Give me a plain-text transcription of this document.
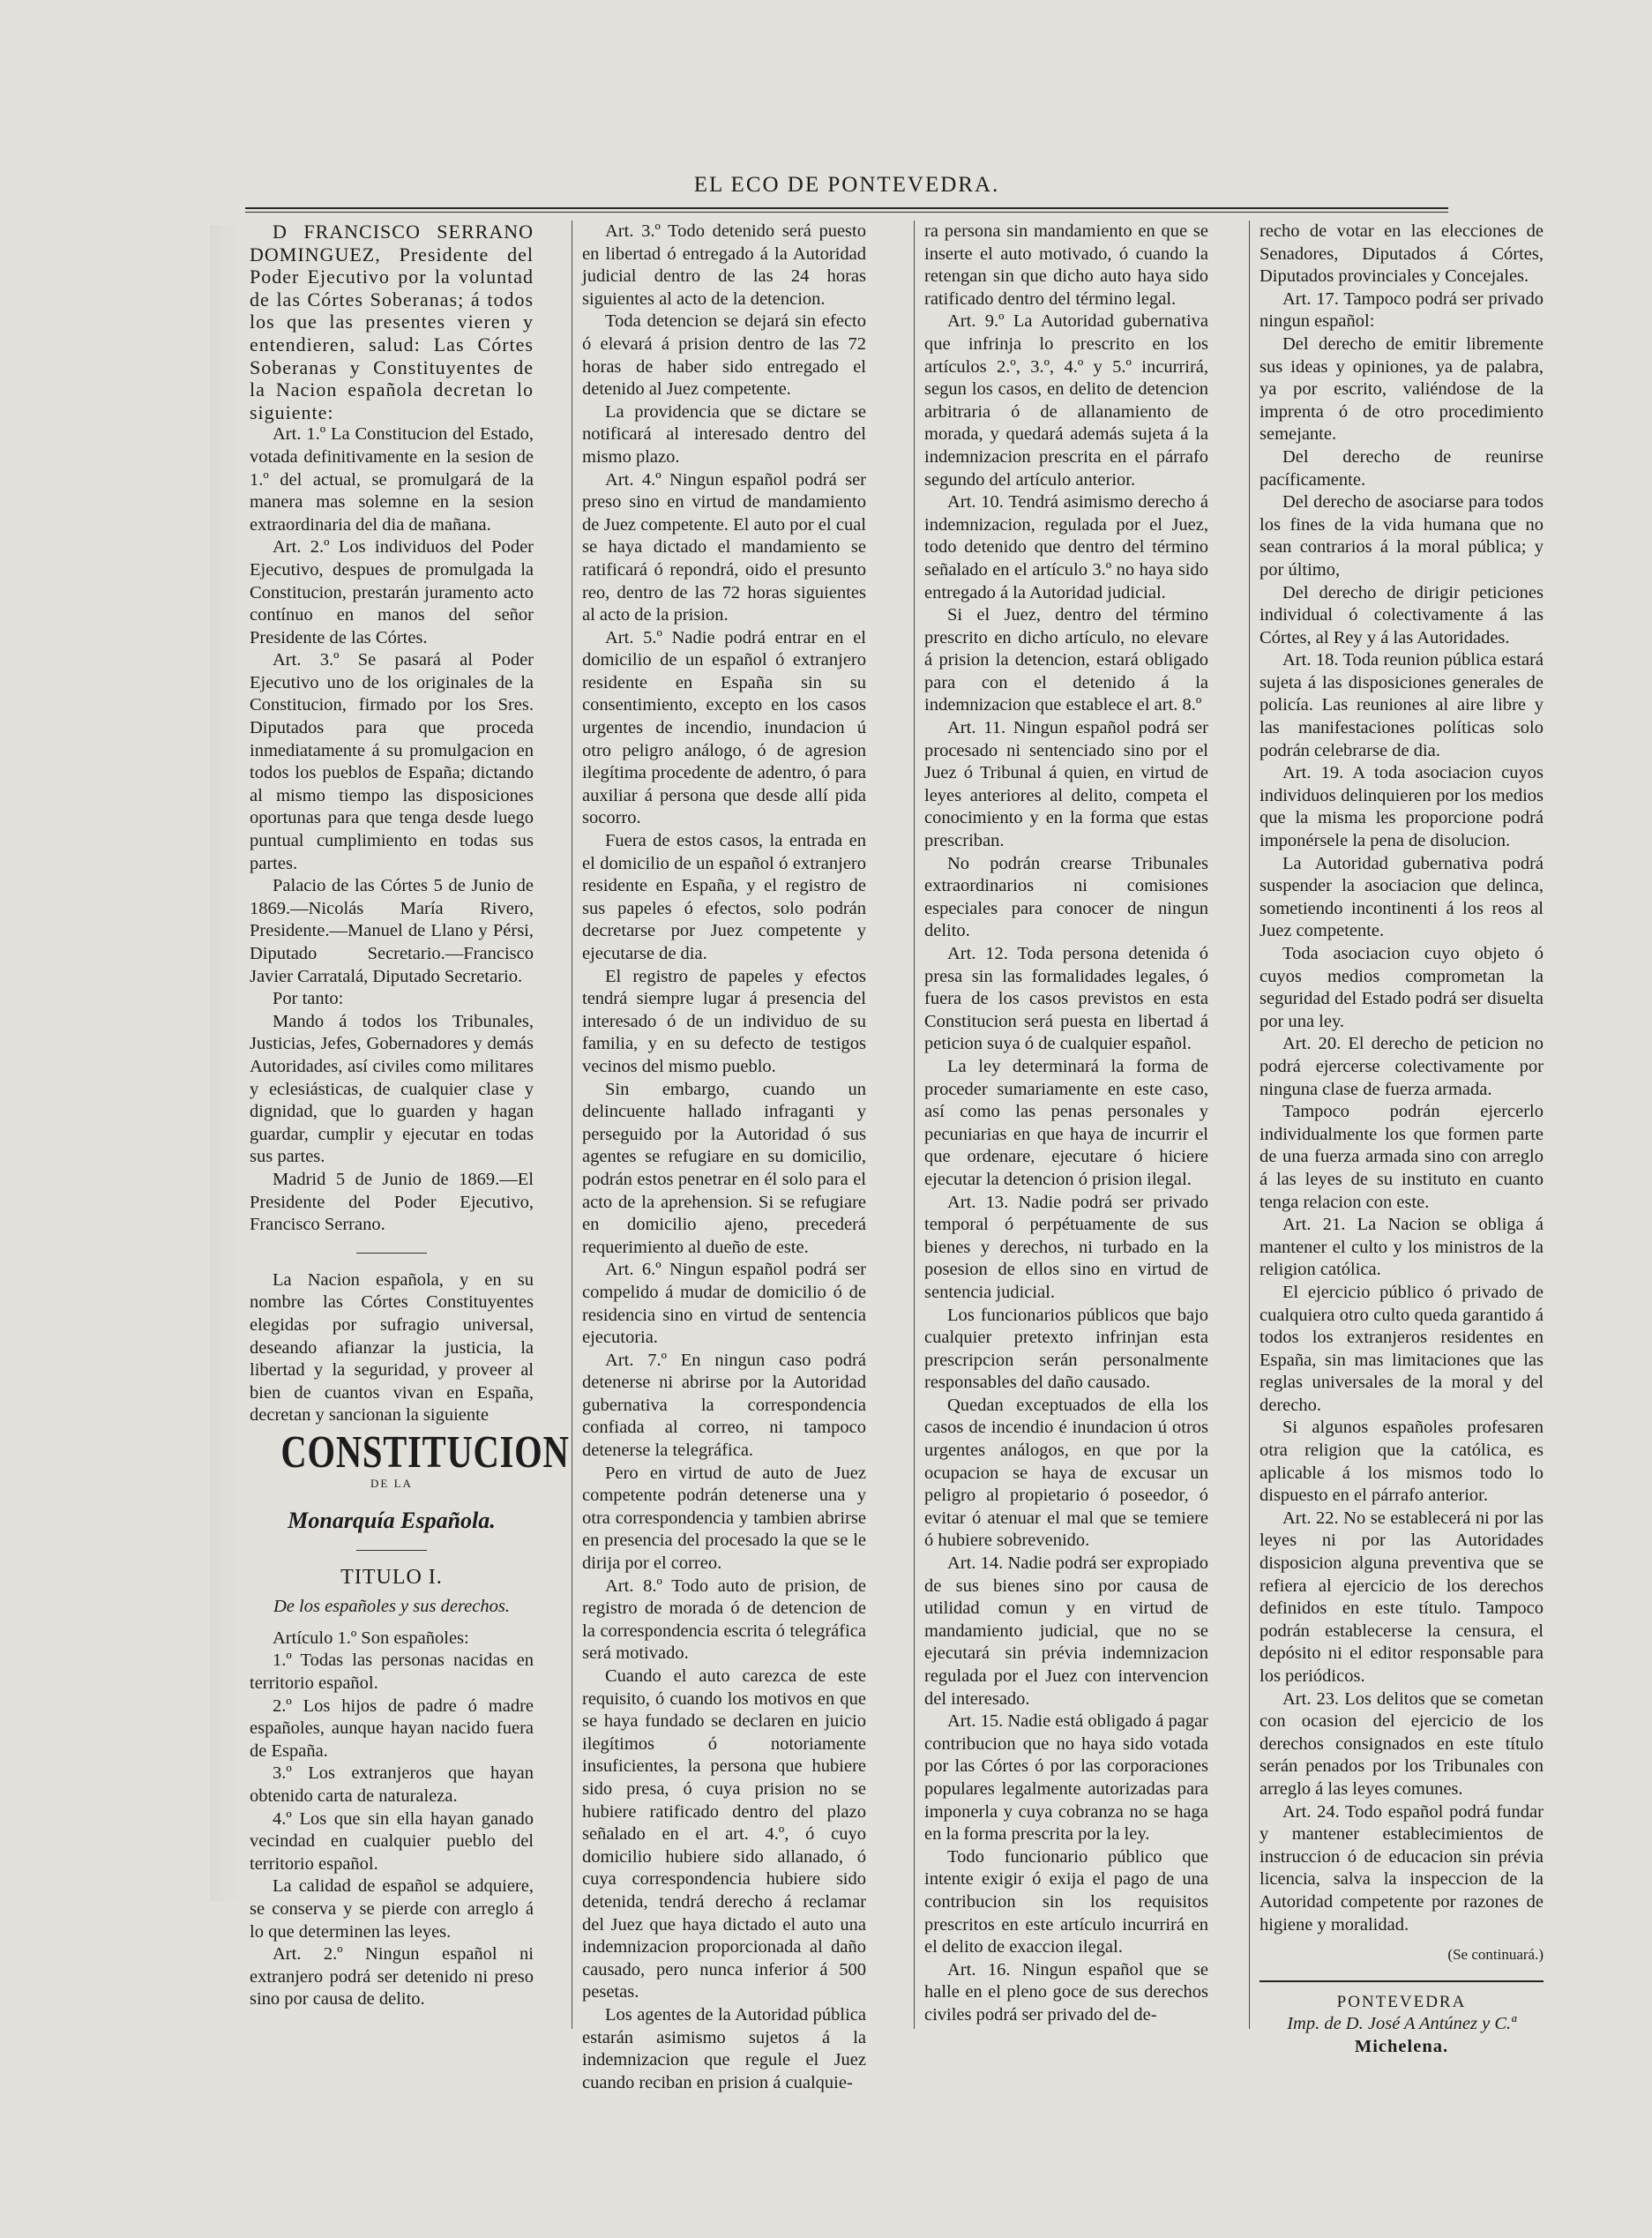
EL ECO DE PONTEVEDRA.

D FRANCISCO SERRANO DOMINGUEZ, Presidente del Poder Ejecutivo por la voluntad de las Córtes Soberanas; á todos los que las presentes vieren y entendieren, salud: Las Córtes Soberanas y Constituyentes de la Nacion española decretan lo siguiente:

Art. 1.º La Constitucion del Estado, votada definitivamente en la sesion de 1.º del actual, se promulgará de la manera mas solemne en la sesion extraordinaria del dia de mañana.

Art. 2.º Los individuos del Poder Ejecutivo, despues de promulgada la Constitucion, prestarán juramento acto contínuo en manos del señor Presidente de las Córtes.

Art. 3.º Se pasará al Poder Ejecutivo uno de los originales de la Constitucion, firmado por los Sres. Diputados para que proceda inmediatamente á su promulgacion en todos los pueblos de España; dictando al mismo tiempo las disposiciones oportunas para que tenga desde luego puntual cumplimiento en todas sus partes.

Palacio de las Córtes 5 de Junio de 1869.—Nicolás María Rivero, Presidente.—Manuel de Llano y Pérsi, Diputado Secretario.—Francisco Javier Carratalá, Diputado Secretario.

Por tanto:

Mando á todos los Tribunales, Justicias, Jefes, Gobernadores y demás Autoridades, así civiles como militares y eclesiásticas, de cualquier clase y dignidad, que lo guarden y hagan guardar, cumplir y ejecutar en todas sus partes.

Madrid 5 de Junio de 1869.—El Presidente del Poder Ejecutivo, Francisco Serrano.

La Nacion española, y en su nombre las Córtes Constituyentes elegidas por sufragio universal, deseando afianzar la justicia, la libertad y la seguridad, y proveer al bien de cuantos vivan en España, decretan y sancionan la siguiente

CONSTITUCION
DE LA
Monarquía Española.
TITULO I.
De los españoles y sus derechos.

Artículo 1.º Son españoles:

1.º Todas las personas nacidas en territorio español.

2.º Los hijos de padre ó madre españoles, aunque hayan nacido fuera de España.

3.º Los extranjeros que hayan obtenido carta de naturaleza.

4.º Los que sin ella hayan ganado vecindad en cualquier pueblo del territorio español.

La calidad de español se adquiere, se conserva y se pierde con arreglo á lo que determinen las leyes.

Art. 2.º Ningun español ni extranjero podrá ser detenido ni preso sino por causa de delito.

Art. 3.º Todo detenido será puesto en libertad ó entregado á la Autoridad judicial dentro de las 24 horas siguientes al acto de la detencion.

Toda detencion se dejará sin efecto ó elevará á prision dentro de las 72 horas de haber sido entregado el detenido al Juez competente.

La providencia que se dictare se notificará al interesado dentro del mismo plazo.

Art. 4.º Ningun español podrá ser preso sino en virtud de mandamiento de Juez competente. El auto por el cual se haya dictado el mandamiento se ratificará ó repondrá, oido el presunto reo, dentro de las 72 horas siguientes al acto de la prision.

Art. 5.º Nadie podrá entrar en el domicilio de un español ó extranjero residente en España sin su consentimiento, excepto en los casos urgentes de incendio, inundacion ú otro peligro análogo, ó de agresion ilegítima procedente de adentro, ó para auxiliar á persona que desde allí pida socorro.

Fuera de estos casos, la entrada en el domicilio de un español ó extranjero residente en España, y el registro de sus papeles ó efectos, solo podrán decretarse por Juez competente y ejecutarse de dia.

El registro de papeles y efectos tendrá siempre lugar á presencia del interesado ó de un individuo de su familia, y en su defecto de testigos vecinos del mismo pueblo.

Sin embargo, cuando un delincuente hallado infraganti y perseguido por la Autoridad ó sus agentes se refugiare en su domicilio, podrán estos penetrar en él solo para el acto de la aprehension. Si se refugiare en domicilio ajeno, precederá requerimiento al dueño de este.

Art. 6.º Ningun español podrá ser compelido á mudar de domicilio ó de residencia sino en virtud de sentencia ejecutoria.

Art. 7.º En ningun caso podrá detenerse ni abrirse por la Autoridad gubernativa la correspondencia confiada al correo, ni tampoco detenerse la telegráfica.

Pero en virtud de auto de Juez competente podrán detenerse una y otra correspondencia y tambien abrirse en presencia del procesado la que se le dirija por el correo.

Art. 8.º Todo auto de prision, de registro de morada ó de detencion de la correspondencia escrita ó telegráfica será motivado.

Cuando el auto carezca de este requisito, ó cuando los motivos en que se haya fundado se declaren en juicio ilegítimos ó notoriamente insuficientes, la persona que hubiere sido presa, ó cuya prision no se hubiere ratificado dentro del plazo señalado en el art. 4.º, ó cuyo domicilio hubiere sido allanado, ó cuya correspondencia hubiere sido detenida, tendrá derecho á reclamar del Juez que haya dictado el auto una indemnizacion proporcionada al daño causado, pero nunca inferior á 500 pesetas.

Los agentes de la Autoridad pública estarán asimismo sujetos á la indemnizacion que regule el Juez cuando reciban en prision á cualquie-

ra persona sin mandamiento en que se inserte el auto motivado, ó cuando la retengan sin que dicho auto haya sido ratificado dentro del término legal.

Art. 9.º La Autoridad gubernativa que infrinja lo prescrito en los artículos 2.º, 3.º, 4.º y 5.º incurrirá, segun los casos, en delito de detencion arbitraria ó de allanamiento de morada, y quedará además sujeta á la indemnizacion prescrita en el párrafo segundo del artículo anterior.

Art. 10. Tendrá asimismo derecho á indemnizacion, regulada por el Juez, todo detenido que dentro del término señalado en el artículo 3.º no haya sido entregado á la Autoridad judicial.

Si el Juez, dentro del término prescrito en dicho artículo, no elevare á prision la detencion, estará obligado para con el detenido á la indemnizacion que establece el art. 8.º

Art. 11. Ningun español podrá ser procesado ni sentenciado sino por el Juez ó Tribunal á quien, en virtud de leyes anteriores al delito, competa el conocimiento y en la forma que estas prescriban.

No podrán crearse Tribunales extraordinarios ni comisiones especiales para conocer de ningun delito.

Art. 12. Toda persona detenida ó presa sin las formalidades legales, ó fuera de los casos previstos en esta Constitucion será puesta en libertad á peticion suya ó de cualquier español.

La ley determinará la forma de proceder sumariamente en este caso, así como las penas personales y pecuniarias en que haya de incurrir el que ordenare, ejecutare ó hiciere ejecutar la detencion ó prision ilegal.

Art. 13. Nadie podrá ser privado temporal ó perpétuamente de sus bienes y derechos, ni turbado en la posesion de ellos sino en virtud de sentencia judicial.

Los funcionarios públicos que bajo cualquier pretexto infrinjan esta prescripcion serán personalmente responsables del daño causado.

Quedan exceptuados de ella los casos de incendio é inundacion ú otros urgentes análogos, en que por la ocupacion se haya de excusar un peligro al propietario ó poseedor, ó evitar ó atenuar el mal que se temiere ó hubiere sobrevenido.

Art. 14. Nadie podrá ser expropiado de sus bienes sino por causa de utilidad comun y en virtud de mandamiento judicial, que no se ejecutará sin prévia indemnizacion regulada por el Juez con intervencion del interesado.

Art. 15. Nadie está obligado á pagar contribucion que no haya sido votada por las Córtes ó por las corporaciones populares legalmente autorizadas para imponerla y cuya cobranza no se haga en la forma prescrita por la ley.

Todo funcionario público que intente exigir ó exija el pago de una contribucion sin los requisitos prescritos en este artículo incurrirá en el delito de exaccion ilegal.

Art. 16. Ningun español que se halle en el pleno goce de sus derechos civiles podrá ser privado del de-

recho de votar en las elecciones de Senadores, Diputados á Córtes, Diputados provinciales y Concejales.

Art. 17. Tampoco podrá ser privado ningun español:

Del derecho de emitir libremente sus ideas y opiniones, ya de palabra, ya por escrito, valiéndose de la imprenta ó de otro procedimiento semejante.

Del derecho de reunirse pacíficamente.

Del derecho de asociarse para todos los fines de la vida humana que no sean contrarios á la moral pública; y por último,

Del derecho de dirigir peticiones individual ó colectivamente á las Córtes, al Rey y á las Autoridades.

Art. 18. Toda reunion pública estará sujeta á las disposiciones generales de policía. Las reuniones al aire libre y las manifestaciones políticas solo podrán celebrarse de dia.

Art. 19. A toda asociacion cuyos individuos delinquieren por los medios que la misma les proporcione podrá imponérsele la pena de disolucion.

La Autoridad gubernativa podrá suspender la asociacion que delinca, sometiendo incontinenti á los reos al Juez competente.

Toda asociacion cuyo objeto ó cuyos medios comprometan la seguridad del Estado podrá ser disuelta por una ley.

Art. 20. El derecho de peticion no podrá ejercerse colectivamente por ninguna clase de fuerza armada.

Tampoco podrán ejercerlo individualmente los que formen parte de una fuerza armada sino con arreglo á las leyes de su instituto en cuanto tenga relacion con este.

Art. 21. La Nacion se obliga á mantener el culto y los ministros de la religion católica.

El ejercicio público ó privado de cualquiera otro culto queda garantido á todos los extranjeros residentes en España, sin mas limitaciones que las reglas universales de la moral y del derecho.

Si algunos españoles profesaren otra religion que la católica, es aplicable á los mismos todo lo dispuesto en el párrafo anterior.

Art. 22. No se establecerá ni por las leyes ni por las Autoridades disposicion alguna preventiva que se refiera al ejercicio de los derechos definidos en este título. Tampoco podrán establecerse la censura, el depósito ni el editor responsable para los periódicos.

Art. 23. Los delitos que se cometan con ocasion del ejercicio de los derechos consignados en este título serán penados por los Tribunales con arreglo á las leyes comunes.

Art. 24. Todo español podrá fundar y mantener establecimientos de instruccion ó de educacion sin prévia licencia, salva la inspeccion de la Autoridad competente por razones de higiene y moralidad.

(Se continuará.)
PONTEVEDRA
Imp. de D. José A Antúnez y C.ª
Michelena.
